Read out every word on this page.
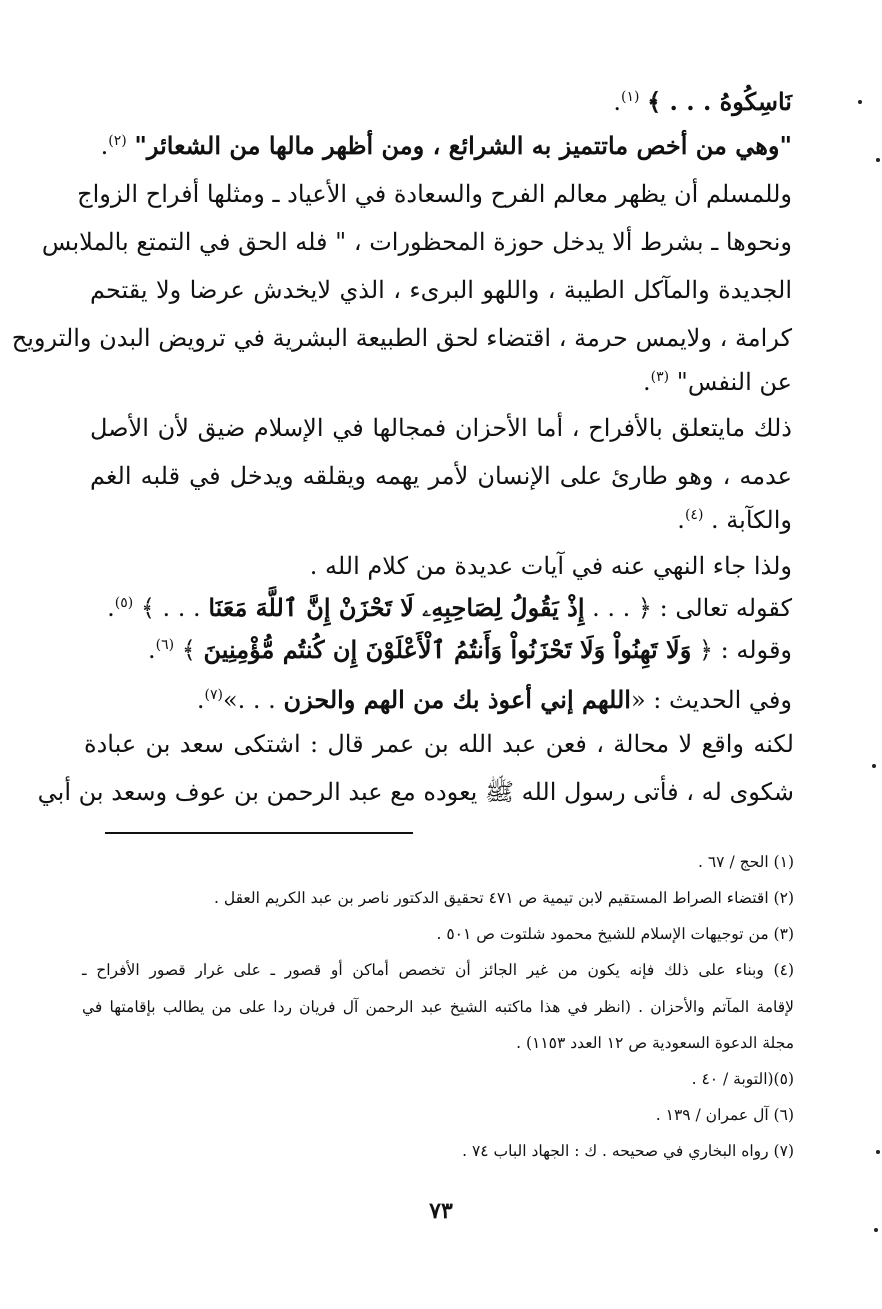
نَاسِكُوهُ . . . ﴾ $^{(١)}$.

"وهي من أخص ماتتميز به الشرائع ، ومن أظهر مالها من الشعائر" $^{(٢)}$.

وللمسلم أن يظهر معالم الفرح والسعادة في الأعياد ـ ومثلها أفراح الزواج

ونحوها ـ بشرط ألا يدخل حوزة المحظورات ، " فله الحق في التمتع بالملابس

الجديدة والمآكل الطيبة ، واللهو البرىء ، الذي لايخدش عرضا ولا يقتحم

كرامة ، ولايمس حرمة ، اقتضاء لحق الطبيعة البشرية في ترويض البدن والترويح

عن النفس" $^{(٣)}$.

ذلك مايتعلق بالأفراح ، أما الأحزان فمجالها في الإسلام ضيق لأن الأصل

عدمه ، وهو طارئ على الإنسان لأمر يهمه ويقلقه ويدخل في قلبه الغم

والكآبة . $^{(٤)}$.

ولذا جاء النهي عنه في آيات عديدة من كلام الله .

كقوله تعالى : ﴿ . . . إِذْ يَقُولُ لِصَاحِبِهِۦ لَا تَحْزَنْ إِنَّ ٱللَّهَ مَعَنَا . . . ﴾ $^{(٥)}$.

وقوله : ﴿ وَلَا تَهِنُواْ وَلَا تَحْزَنُواْ وَأَنتُمُ ٱلْأَعْلَوْنَ إِن كُنتُم مُّؤْمِنِينَ ﴾ $^{(٦)}$.

وفي الحديث : «اللهم إني أعوذ بك من الهم والحزن . . .»$^{(٧)}$.

لكنه واقع لا محالة ، فعن عبد الله بن عمر قال : اشتكى سعد بن عبادة

شكوى له ، فأتى رسول الله ﷺ يعوده مع عبد الرحمن بن عوف وسعد بن أبي

(١) الحج / ٦٧ .
(٢) اقتضاء الصراط المستقيم لابن تيمية ص ٤٧١ تحقيق الدكتور ناصر بن عبد الكريم العقل .
(٣) من توجيهات الإسلام للشيخ محمود شلتوت ص ٥٠١ .
(٤) وبناء على ذلك فإنه يكون من غير الجائز أن تخصص أماكن أو قصور ـ على غرار قصور الأفراح ـ
لإقامة المآتم والأحزان . (انظر في هذا ماكتبه الشيخ عبد الرحمن آل فريان ردا على من يطالب بإقامتها في
مجلة الدعوة السعودية ص ١٢ العدد ١١٥٣) .
(٥)(التوبة / ٤٠ .
(٦) آل عمران / ١٣٩ .
(٧) رواه البخاري في صحيحه . ك : الجهاد الباب ٧٤ .
٧٣
